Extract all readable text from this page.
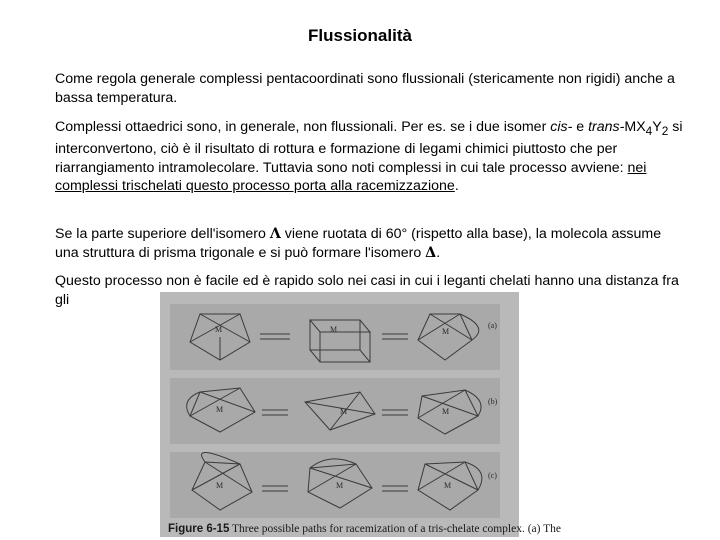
Flussionalità

Come regola generale complessi pentacoordinati sono flussionali (stericamente non rigidi) anche a bassa temperatura.

Complessi ottaedrici sono, in generale, non flussionali. Per es. se i due isomer cis- e trans-$MX_4Y_2$ si interconvertono, ciò è il risultato di rottura e formazione di legami chimici piuttosto che per riarrangiamento intramolecolare. Tuttavia sono noti complessi in cui tale processo avviene: nei complessi trischelati questo processo porta alla racemizzazione.

Se la parte superiore dell'isomero Λ viene ruotata di 60° (rispetto alla base), la molecola assume una struttura di prisma trigonale e si può formare l'isomero Δ.

Questo processo non è facile ed è rapido solo nei casi in cui i leganti chelati hanno una distanza fra gli

M	M	M
(a)
M	M	M
(b)
M	M	M
(c)
Figure 6-15 Three possible paths for racemization of a tris-chelate complex. (a) The
